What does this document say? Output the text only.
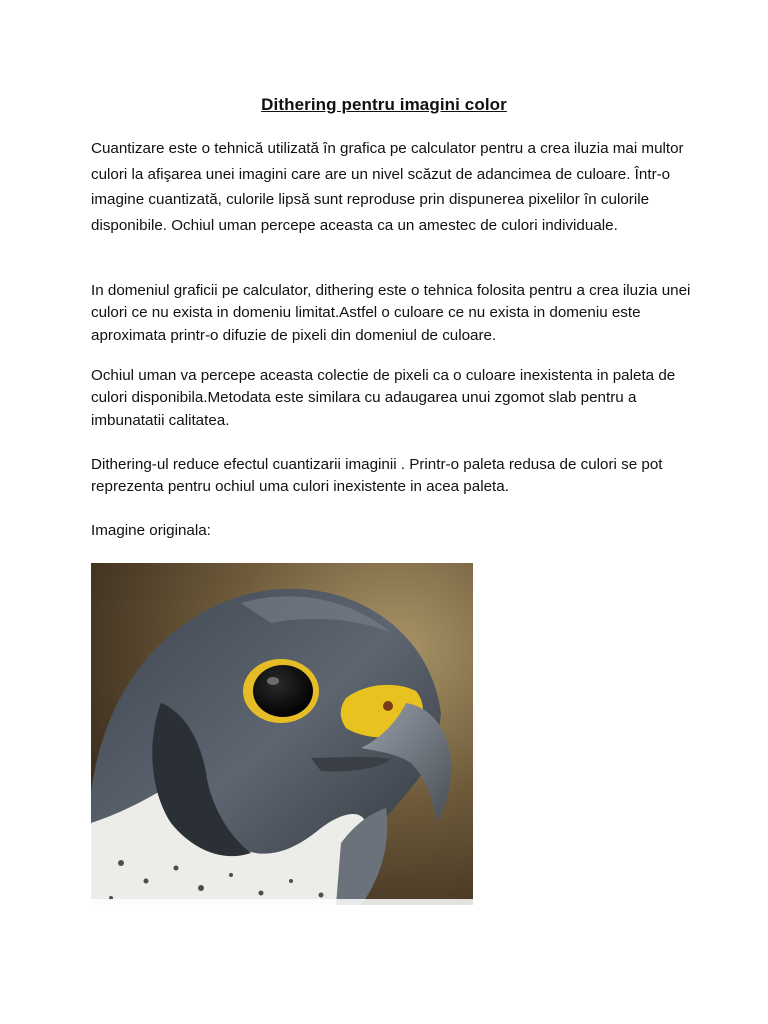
Dithering pentru imagini color

Cuantizare este o tehnică utilizată în grafica pe calculator pentru a crea iluzia mai multor culori la afişarea unei imagini care are un nivel scăzut de adancimea de culoare. Într-o imagine cuantizată, culorile lipsă sunt reproduse prin dispunerea pixelilor în culorile disponibile. Ochiul uman percepe aceasta ca un amestec de culori individuale.

In domeniul graficii pe calculator, dithering este o tehnica folosita pentru a crea iluzia unei culori ce nu exista in domeniu limitat.Astfel o culoare ce nu exista in domeniu este aproximata printr-o difuzie de pixeli din domeniul de culoare.

Ochiul uman va percepe aceasta colectie de pixeli ca o culoare inexistenta in paleta de culori disponibila.Metodata este similara cu adaugarea unui zgomot slab pentru a imbunatatii calitatea.

Dithering-ul reduce efectul cuantizarii imaginii . Printr-o paleta redusa de culori se pot reprezenta pentru ochiul uma culori inexistente in acea paleta.

Imagine originala:
